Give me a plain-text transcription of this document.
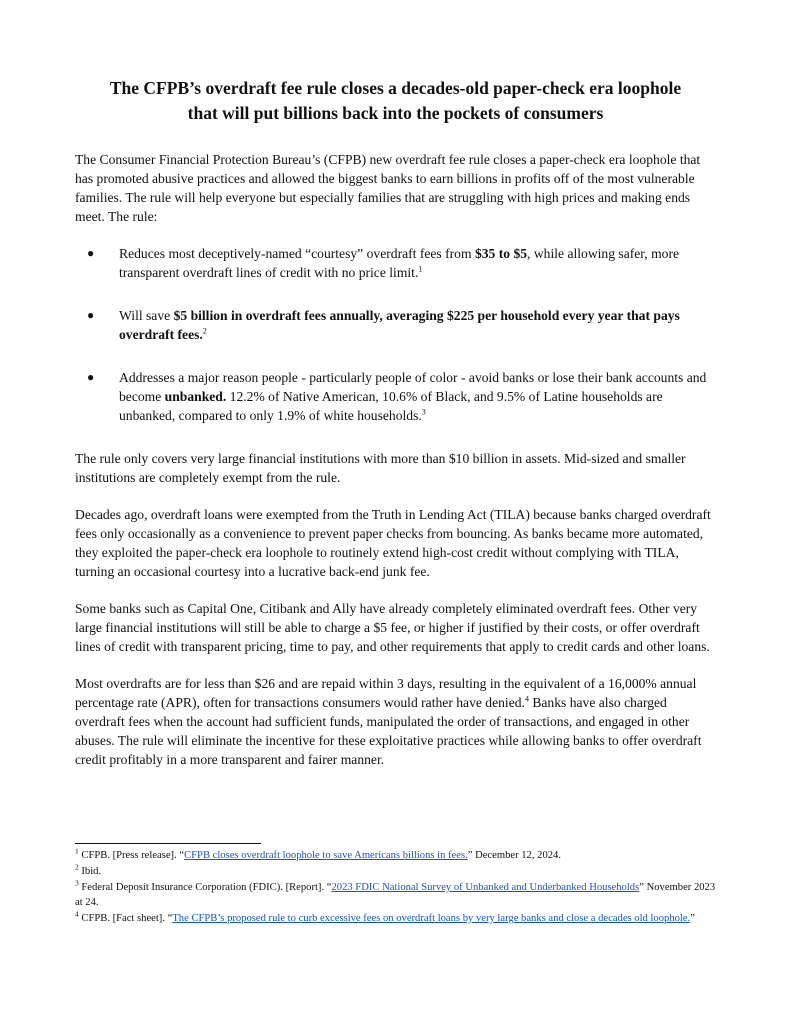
The CFPB’s overdraft fee rule closes a decades-old paper-check era loophole
that will put billions back into the pockets of consumers

The Consumer Financial Protection Bureau’s (CFPB) new overdraft fee rule closes a paper-check era loophole that has promoted abusive practices and allowed the biggest banks to earn billions in profits off of the most vulnerable families. The rule will help everyone but especially families that are struggling with high prices and making ends meet. The rule:

● Reduces most deceptively-named “courtesy” overdraft fees from $35 to $5, while allowing safer, more transparent overdraft lines of credit with no price limit.$^1$
● Will save $5 billion in overdraft fees annually, averaging $225 per household every year that pays overdraft fees.$^2$
● Addresses a major reason people - particularly people of color - avoid banks or lose their bank accounts and become unbanked. 12.2% of Native American, 10.6% of Black, and 9.5% of Latine households are unbanked, compared to only 1.9% of white households.$^3$

The rule only covers very large financial institutions with more than $10 billion in assets. Mid-sized and smaller institutions are completely exempt from the rule.

Decades ago, overdraft loans were exempted from the Truth in Lending Act (TILA) because banks charged overdraft fees only occasionally as a convenience to prevent paper checks from bouncing. As banks became more automated, they exploited the paper-check era loophole to routinely extend high-cost credit without complying with TILA, turning an occasional courtesy into a lucrative back-end junk fee.

Some banks such as Capital One, Citibank and Ally have already completely eliminated overdraft fees. Other very large financial institutions will still be able to charge a $5 fee, or higher if justified by their costs, or offer overdraft lines of credit with transparent pricing, time to pay, and other requirements that apply to credit cards and other loans.

Most overdrafts are for less than $26 and are repaid within 3 days, resulting in the equivalent of a 16,000% annual percentage rate (APR), often for transactions consumers would rather have denied.$^4$ Banks have also charged overdraft fees when the account had sufficient funds, manipulated the order of transactions, and engaged in other abuses. The rule will eliminate the incentive for these exploitative practices while allowing banks to offer overdraft credit profitably in a more transparent and fairer manner.

$^1$ CFPB. [Press release]. “CFPB closes overdraft loophole to save Americans billions in fees.” December 12, 2024.
$^2$ Ibid.
$^3$ Federal Deposit Insurance Corporation (FDIC). [Report]. “2023 FDIC National Survey of Unbanked and Underbanked Households” November 2023 at 24.
$^4$ CFPB. [Fact sheet]. “The CFPB’s proposed rule to curb excessive fees on overdraft loans by very large banks and close a decades old loophole.”
